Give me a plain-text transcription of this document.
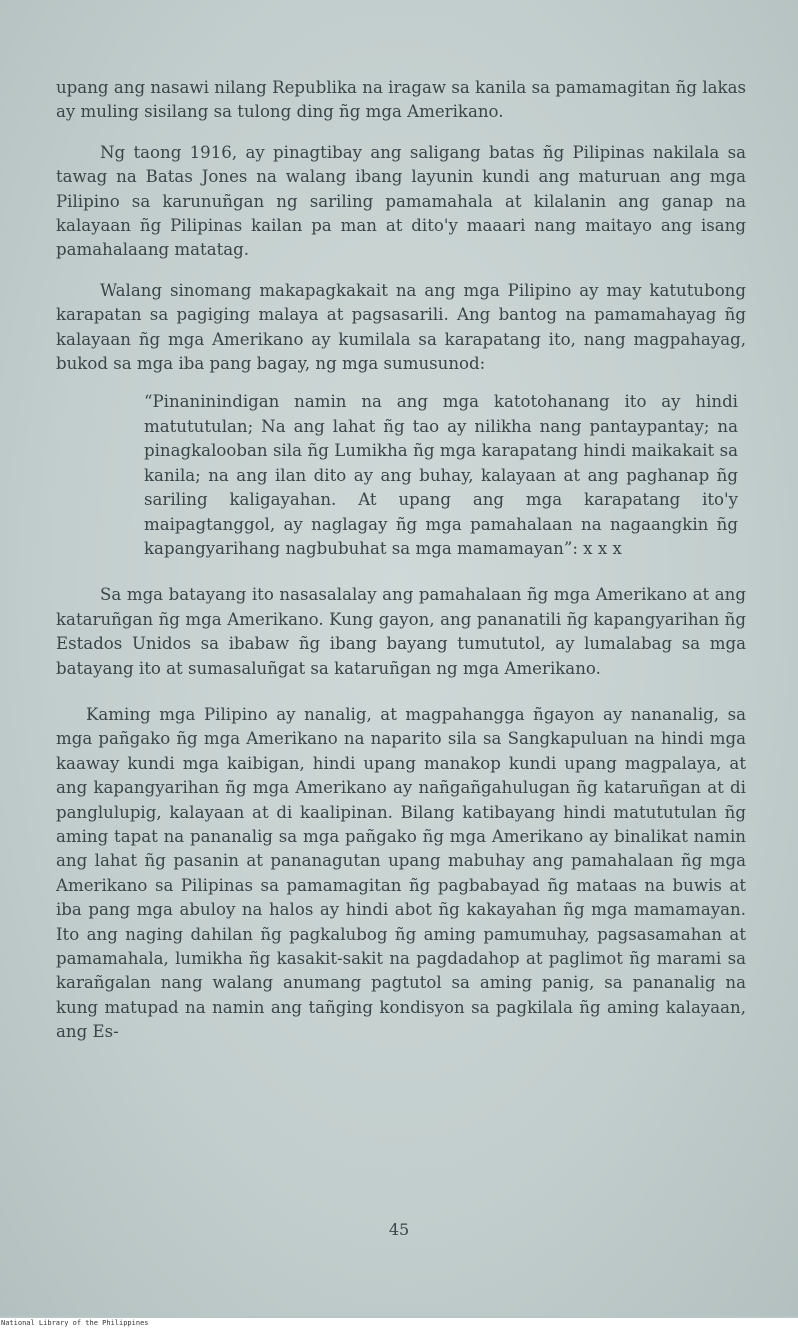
upang ang nasawi nilang Republika na iragaw sa kanila sa pamamagitan ñg lakas ay muling sisilang sa tulong ding ñg mga Amerikano.

Ng taong 1916, ay pinagtibay ang saligang batas ñg Pilipinas nakilala sa tawag na Batas Jones na walang ibang layunin kundi ang maturuan ang mga Pilipino sa karunuñgan ng sariling pamamahala at kilalanin ang ganap na kalayaan ñg Pilipinas kailan pa man at dito'y maaari nang maitayo ang isang pamahalaang matatag.

Walang sinomang makapagkakait na ang mga Pilipino ay may katutubong karapatan sa pagiging malaya at pagsasarili. Ang bantog na pamamahayag ñg kalayaan ñg mga Amerikano ay kumilala sa karapatang ito, nang magpahayag, bukod sa mga iba pang bagay, ng mga sumusunod:

“Pinaninindigan namin na ang mga katotohanang ito ay hindi matututulan; Na ang lahat ñg tao ay nilikha nang pantaypantay; na pinagkalooban sila ñg Lumikha ñg mga karapatang hindi maikakait sa kanila; na ang ilan dito ay ang buhay, kalayaan at ang paghanap ñg sariling kaligayahan. At upang ang mga karapatang ito'y maipagtanggol, ay naglagay ñg mga pamahalaan na nagaangkin ñg kapangyarihang nagbubuhat sa mga mamamayan”: x x x

Sa mga batayang ito nasasalalay ang pamahalaan ñg mga Amerikano at ang kataruñgan ñg mga Amerikano. Kung gayon, ang pananatili ñg kapangyarihan ñg Estados Unidos sa ibabaw ñg ibang bayang tumututol, ay lumalabag sa mga batayang ito at sumasaluñgat sa kataruñgan ng mga Amerikano.

Kaming mga Pilipino ay nanalig, at magpahangga ñgayon ay nananalig, sa mga pañgako ñg mga Amerikano na naparito sila sa Sangkapuluan na hindi mga kaaway kundi mga kaibigan, hindi upang manakop kundi upang magpalaya, at ang kapangyarihan ñg mga Amerikano ay nañgañgahulugan ñg kataruñgan at di panglulupig, kalayaan at di kaalipinan. Bilang katibayang hindi matututulan ñg aming tapat na pananalig sa mga pañgako ñg mga Amerikano ay binalikat namin ang lahat ñg pasanin at pananagutan upang mabuhay ang pamahalaan ñg mga Amerikano sa Pilipinas sa pamamagitan ñg pagbabayad ñg mataas na buwis at iba pang mga abuloy na halos ay hindi abot ñg kakayahan ñg mga mamamayan. Ito ang naging dahilan ñg pagkalubog ñg aming pamumuhay, pagsasamahan at pamamahala, lumikha ñg kasakit-sakit na pagdadahop at paglimot ñg marami sa karañgalan nang walang anumang pagtutol sa aming panig, sa pananalig na kung matupad na namin ang tañging kondisyon sa pagkilala ñg aming kalayaan, ang Es-

45
National Library of the Philippines
